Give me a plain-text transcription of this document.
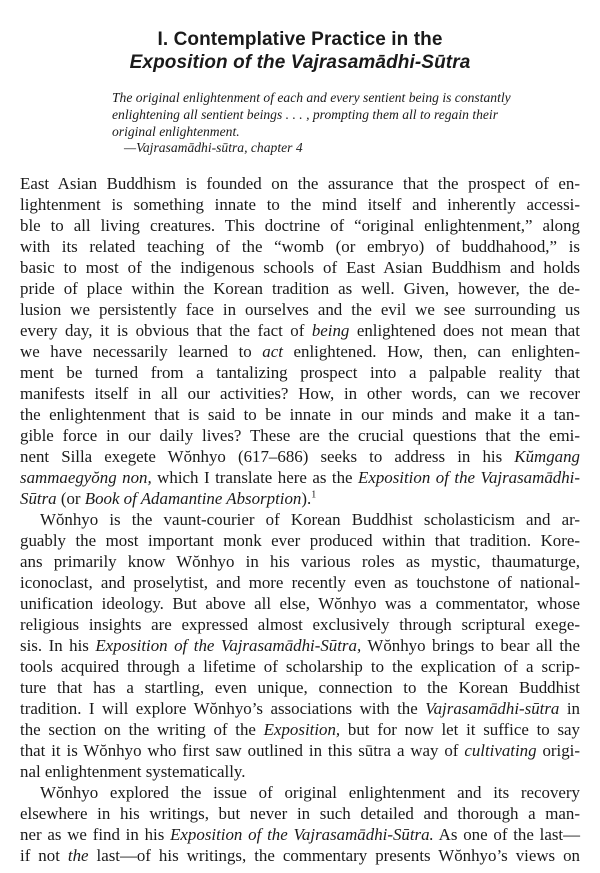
I. Contemplative Practice in the
Exposition of the Vajrasamādhi-Sūtra
The original enlightenment of each and every sentient being is constantly
enlightening all sentient beings . . . , prompting them all to regain their
original enlightenment.
—Vajrasamādhi-sūtra, chapter 4
East Asian Buddhism is founded on the assurance that the prospect of en-
lightenment is something innate to the mind itself and inherently accessi-
ble to all living creatures. This doctrine of “original enlightenment,” along
with its related teaching of the “womb (or embryo) of buddhahood,” is
basic to most of the indigenous schools of East Asian Buddhism and holds
pride of place within the Korean tradition as well. Given, however, the de-
lusion we persistently face in ourselves and the evil we see surrounding us
every day, it is obvious that the fact of being enlightened does not mean that
we have necessarily learned to act enlightened. How, then, can enlighten-
ment be turned from a tantalizing prospect into a palpable reality that
manifests itself in all our activities? How, in other words, can we recover
the enlightenment that is said to be innate in our minds and make it a tan-
gible force in our daily lives? These are the crucial questions that the emi-
nent Silla exegete Wŏnhyo (617–686) seeks to address in his Kŭmgang
sammaegyŏng non, which I translate here as the Exposition of the Vajrasamādhi-
Sūtra (or Book of Adamantine Absorption).$^1$
Wŏnhyo is the vaunt-courier of Korean Buddhist scholasticism and ar-
guably the most important monk ever produced within that tradition. Kore-
ans primarily know Wŏnhyo in his various roles as mystic, thaumaturge,
iconoclast, and proselytist, and more recently even as touchstone of national-
unification ideology. But above all else, Wŏnhyo was a commentator, whose
religious insights are expressed almost exclusively through scriptural exege-
sis. In his Exposition of the Vajrasamādhi-Sūtra, Wŏnhyo brings to bear all the
tools acquired through a lifetime of scholarship to the explication of a scrip-
ture that has a startling, even unique, connection to the Korean Buddhist
tradition. I will explore Wŏnhyo’s associations with the Vajrasamādhi-sūtra in
the section on the writing of the Exposition, but for now let it suffice to say
that it is Wŏnhyo who first saw outlined in this sūtra a way of cultivating origi-
nal enlightenment systematically.
Wŏnhyo explored the issue of original enlightenment and its recovery
elsewhere in his writings, but never in such detailed and thorough a man-
ner as we find in his Exposition of the Vajrasamādhi-Sūtra. As one of the last—
if not the last—of his writings, the commentary presents Wŏnhyo’s views on
